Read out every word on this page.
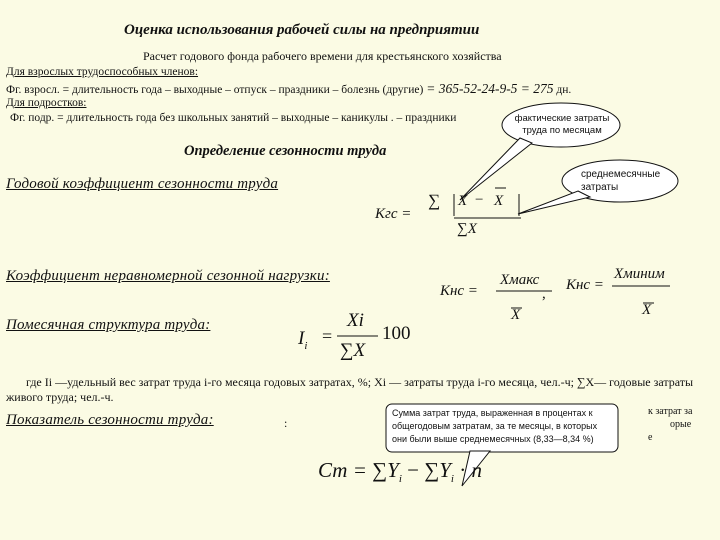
Оценка использования рабочей силы на предприятии
Расчет годового фонда рабочего времени для крестьянского хозяйства
Для взрослых трудоспособных членов:
Фг. взросл. = длительность года – выходные – отпуск – праздники – болезнь (другие) = 365-52-24-9-5 = 275 дн.
Для подростков:
Фг. подр. = длительность года без школьных занятий – выходные – каникулы . – праздники	фактические затраты труда по месяцам
среднемесячные затраты
Определение сезонности труда
Годовой коэффициент сезонности труда
Кгс =
∑ X − X
∑X
Коэффициент неравномерной сезонной нагрузки:
Кнс =
Хмакс
X
,
Кнс =
Хминим
X
Помесячная структура труда:
$I_i$ =
Xi
∑X
100
где Ii —удельный вес затрат труда i-го месяца годовых затратах, %; Xi — затраты труда i-го месяца, чел.-ч; ∑X— годовые затраты живого труда; чел.-ч.
Показатель сезонности труда:	:
к затрат за
орые
е
Сумма затрат труда, выраженная в процентах к общегодовым затратам, за те месяцы, в которых они были выше среднемесячных (8,33—8,34 %)
Ст = $\sum Y_i - \sum Y_i \cdot n$
